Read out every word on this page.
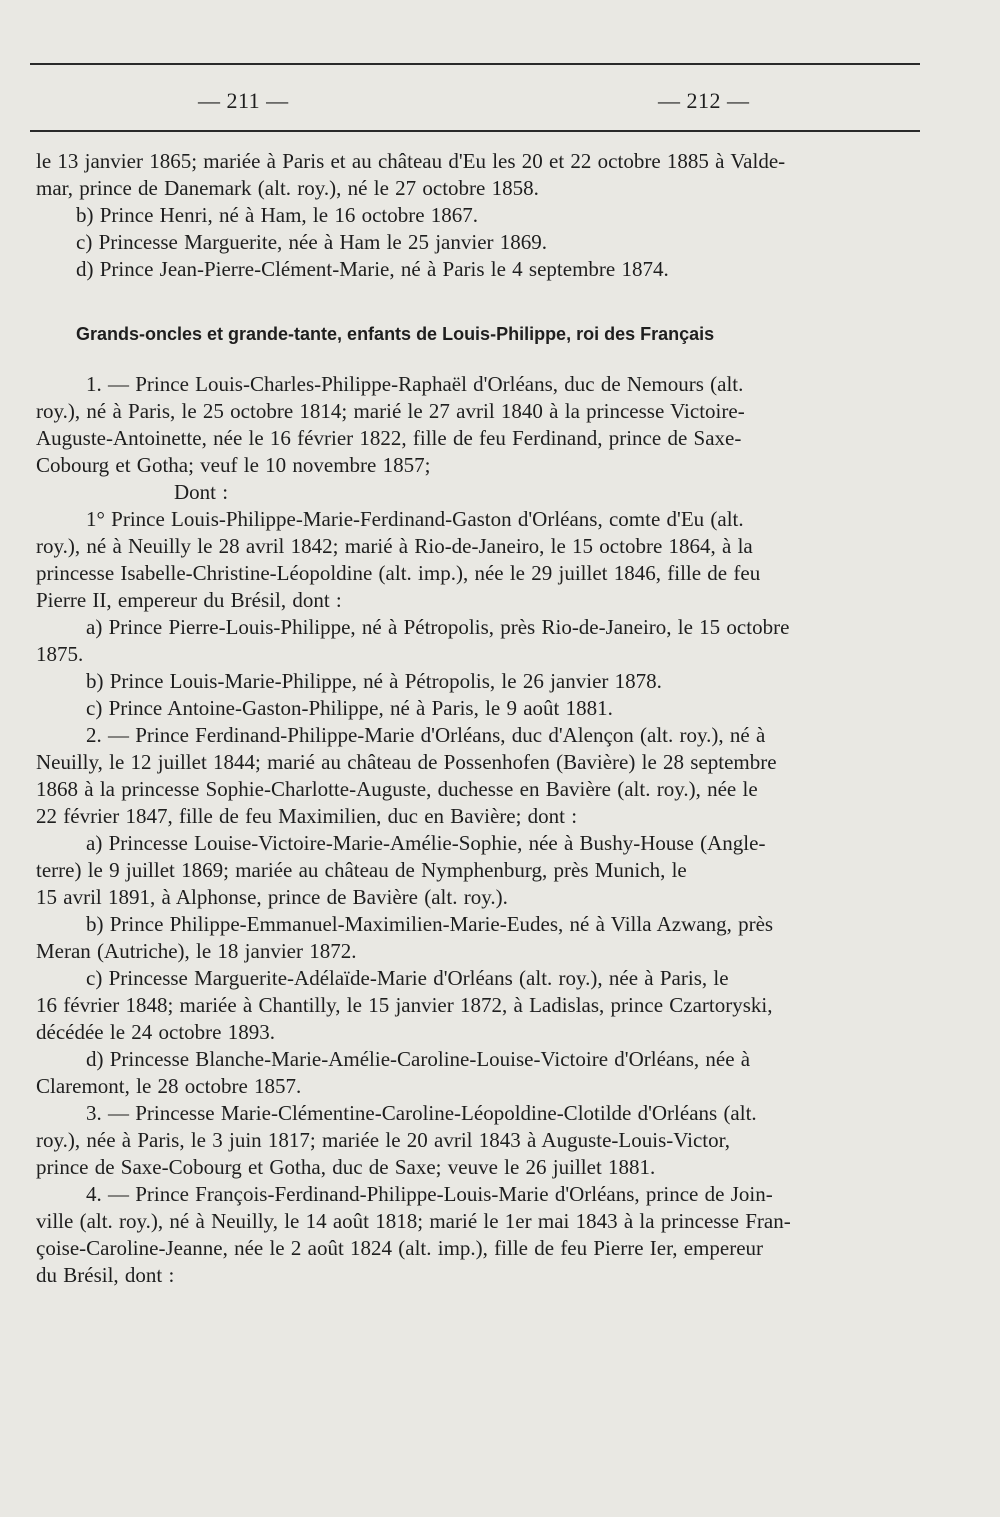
— 211 —	— 212 —
le 13 janvier 1865; mariée à Paris et au château d'Eu les 20 et 22 octobre 1885 à Valde-
mar, prince de Danemark (alt. roy.), né le 27 octobre 1858.
b) Prince Henri, né à Ham, le 16 octobre 1867.
c) Princesse Marguerite, née à Ham le 25 janvier 1869.
d) Prince Jean-Pierre-Clément-Marie, né à Paris le 4 septembre 1874.
Grands-oncles et grande-tante, enfants de Louis-Philippe, roi des Français
1. — Prince Louis-Charles-Philippe-Raphaël d'Orléans, duc de Nemours (alt.
roy.), né à Paris, le 25 octobre 1814; marié le 27 avril 1840 à la princesse Victoire-
Auguste-Antoinette, née le 16 février 1822, fille de feu Ferdinand, prince de Saxe-
Cobourg et Gotha; veuf le 10 novembre 1857;
Dont :
1° Prince Louis-Philippe-Marie-Ferdinand-Gaston d'Orléans, comte d'Eu (alt.
roy.), né à Neuilly le 28 avril 1842; marié à Rio-de-Janeiro, le 15 octobre 1864, à la
princesse Isabelle-Christine-Léopoldine (alt. imp.), née le 29 juillet 1846, fille de feu
Pierre II, empereur du Brésil, dont :
a) Prince Pierre-Louis-Philippe, né à Pétropolis, près Rio-de-Janeiro, le 15 octobre
1875.
b) Prince Louis-Marie-Philippe, né à Pétropolis, le 26 janvier 1878.
c) Prince Antoine-Gaston-Philippe, né à Paris, le 9 août 1881.
2. — Prince Ferdinand-Philippe-Marie d'Orléans, duc d'Alençon (alt. roy.), né à
Neuilly, le 12 juillet 1844; marié au château de Possenhofen (Bavière) le 28 septembre
1868 à la princesse Sophie-Charlotte-Auguste, duchesse en Bavière (alt. roy.), née le
22 février 1847, fille de feu Maximilien, duc en Bavière; dont :
a) Princesse Louise-Victoire-Marie-Amélie-Sophie, née à Bushy-House (Angle-
terre) le 9 juillet 1869; mariée au château de Nymphenburg, près Munich, le
15 avril 1891, à Alphonse, prince de Bavière (alt. roy.).
b) Prince Philippe-Emmanuel-Maximilien-Marie-Eudes, né à Villa Azwang, près
Meran (Autriche), le 18 janvier 1872.
c) Princesse Marguerite-Adélaïde-Marie d'Orléans (alt. roy.), née à Paris, le
16 février 1848; mariée à Chantilly, le 15 janvier 1872, à Ladislas, prince Czartoryski,
décédée le 24 octobre 1893.
d) Princesse Blanche-Marie-Amélie-Caroline-Louise-Victoire d'Orléans, née à
Claremont, le 28 octobre 1857.
3. — Princesse Marie-Clémentine-Caroline-Léopoldine-Clotilde d'Orléans (alt.
roy.), née à Paris, le 3 juin 1817; mariée le 20 avril 1843 à Auguste-Louis-Victor,
prince de Saxe-Cobourg et Gotha, duc de Saxe; veuve le 26 juillet 1881.
4. — Prince François-Ferdinand-Philippe-Louis-Marie d'Orléans, prince de Join-
ville (alt. roy.), né à Neuilly, le 14 août 1818; marié le 1er mai 1843 à la princesse Fran-
çoise-Caroline-Jeanne, née le 2 août 1824 (alt. imp.), fille de feu Pierre Ier, empereur
du Brésil, dont :
